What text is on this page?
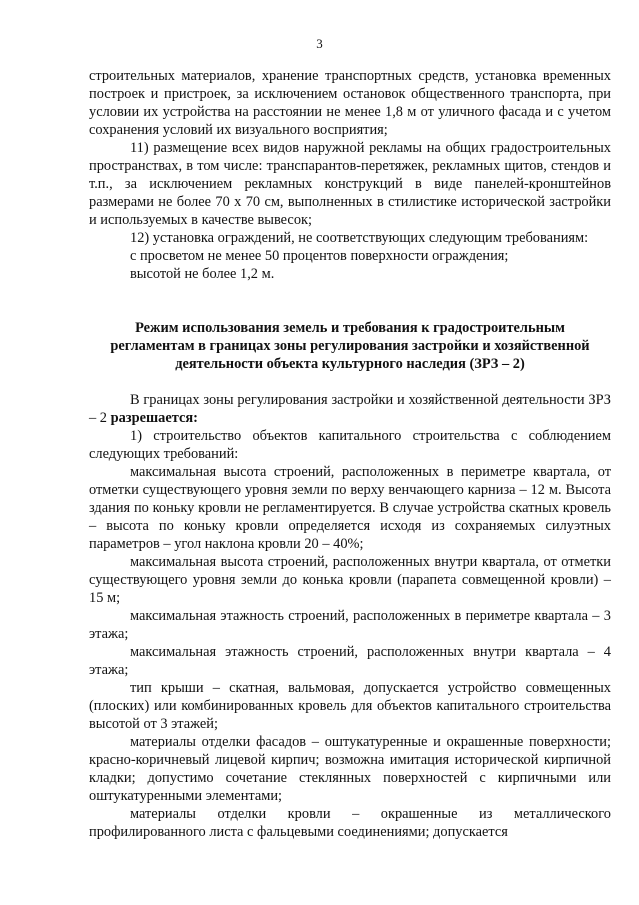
3

строительных материалов, хранение транспортных средств, установка временных построек и пристроек, за исключением остановок общественного транспорта, при условии их устройства на расстоянии не менее 1,8 м от уличного фасада и с учетом сохранения условий их визуального восприятия;

11) размещение всех видов наружной рекламы на общих градостроительных пространствах, в том числе: транспарантов-перетяжек, рекламных щитов, стендов и т.п., за исключением рекламных конструкций в виде панелей-кронштейнов размерами не более 70 х 70 см, выполненных в стилистике исторической застройки и используемых в качестве вывесок;

12) установка ограждений, не соответствующих следующим требованиям:

с просветом не менее 50 процентов поверхности ограждения;

высотой не более 1,2 м.

Режим использования земель и требования к градостроительным регламентам в границах зоны регулирования застройки и хозяйственной деятельности объекта культурного наследия (ЗРЗ – 2)

В границах зоны регулирования застройки и хозяйственной деятельности ЗРЗ – 2 разрешается:

1) строительство объектов капитального строительства с соблюдением следующих требований:

максимальная высота строений, расположенных в периметре квартала, от отметки существующего уровня земли по верху венчающего карниза – 12 м. Высота здания по коньку кровли не регламентируется. В случае устройства скатных кровель – высота по коньку кровли определяется исходя из сохраняемых силуэтных параметров – угол наклона кровли 20 – 40%;

максимальная высота строений, расположенных внутри квартала, от отметки существующего уровня земли до конька кровли (парапета совмещенной кровли) – 15 м;

максимальная этажность строений, расположенных в периметре квартала – 3 этажа;

максимальная этажность строений, расположенных внутри квартала – 4 этажа;

тип крыши – скатная, вальмовая, допускается устройство совмещенных (плоских) или комбинированных кровель для объектов капитального строительства высотой от 3 этажей;

материалы отделки фасадов – оштукатуренные и окрашенные поверхности; красно-коричневый лицевой кирпич; возможна имитация исторической кирпичной кладки; допустимо сочетание стеклянных поверхностей с кирпичными или оштукатуренными элементами;

материалы отделки кровли – окрашенные из металлического профилированного листа с фальцевыми соединениями; допускается
